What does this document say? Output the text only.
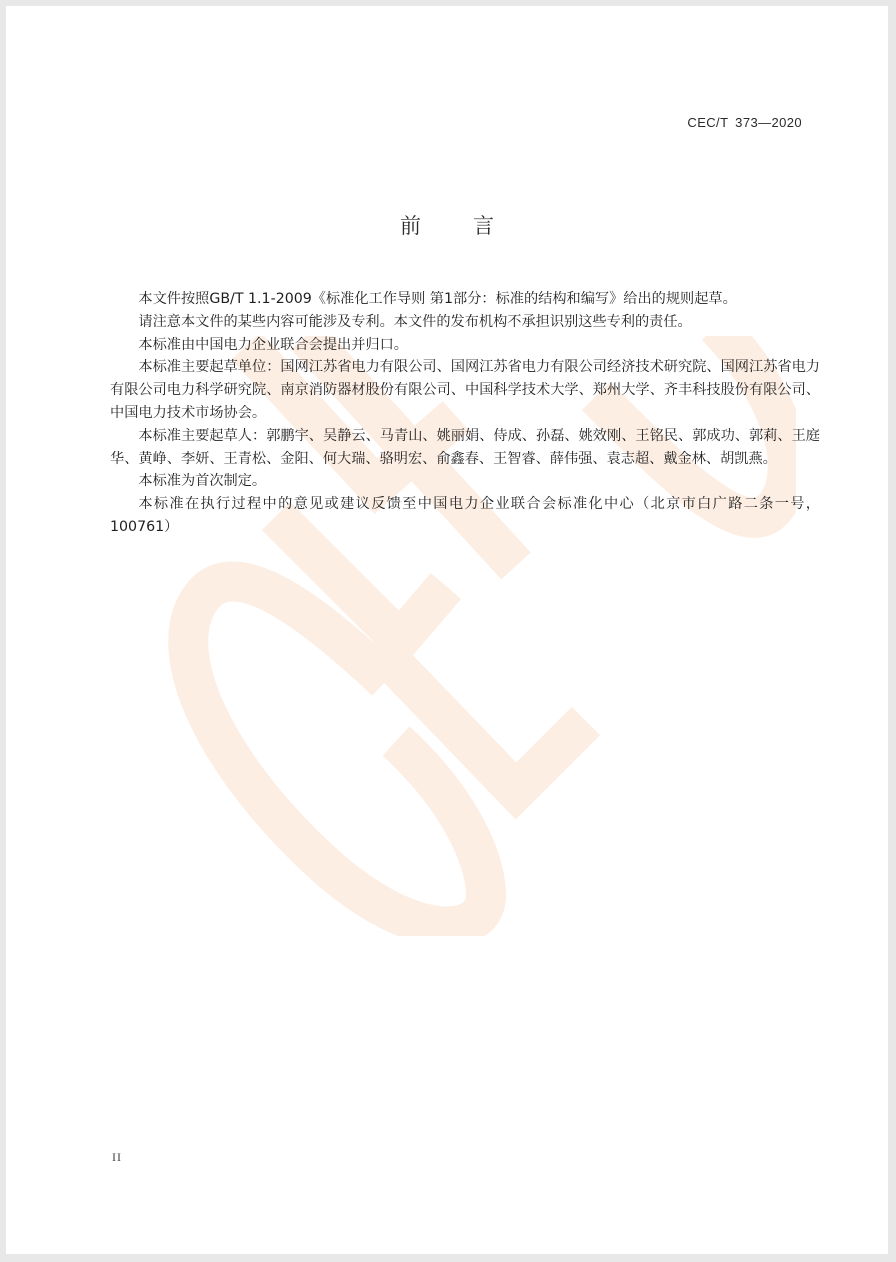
CEC/T 373—2020
前 言

本文件按照GB/T 1.1-2009《标准化工作导则 第1部分：标准的结构和编写》给出的规则起草。

请注意本文件的某些内容可能涉及专利。本文件的发布机构不承担识别这些专利的责任。

本标准由中国电力企业联合会提出并归口。

本标准主要起草单位：国网江苏省电力有限公司、国网江苏省电力有限公司经济技术研究院、国网江苏省电力有限公司电力科学研究院、南京消防器材股份有限公司、中国科学技术大学、郑州大学、齐丰科技股份有限公司、中国电力技术市场协会。

本标准主要起草人：郭鹏宇、吴静云、马青山、姚丽娟、侍成、孙磊、姚效刚、王铭民、郭成功、郭莉、王庭华、黄峥、李妍、王青松、金阳、何大瑞、骆明宏、俞鑫春、王智睿、薛伟强、袁志超、戴金林、胡凯燕。

本标准为首次制定。

本标准在执行过程中的意见或建议反馈至中国电力企业联合会标准化中心（北京市白广路二条一号，100761）

II
